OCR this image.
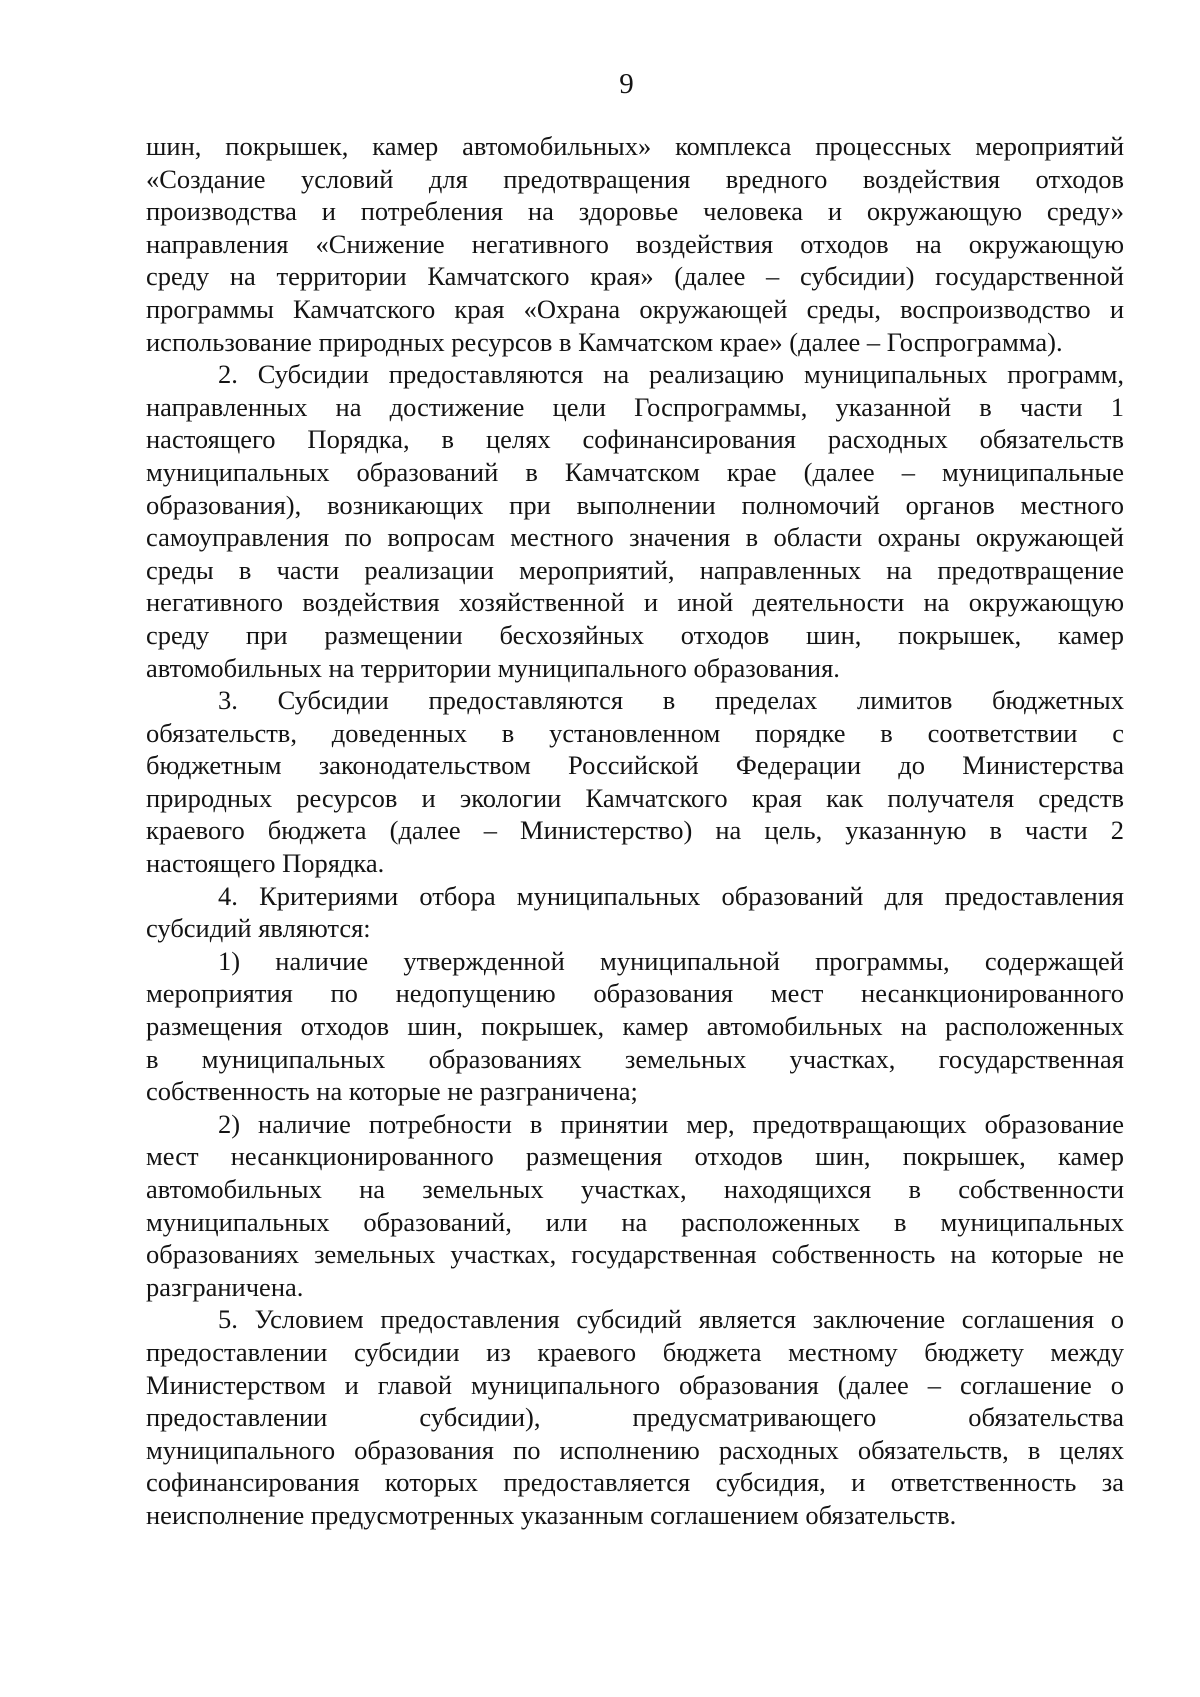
9
шин, покрышек, камер автомобильных» комплекса процессных мероприятий
«Создание условий для предотвращения вредного воздействия отходов
производства и потребления на здоровье человека и окружающую среду»
направления «Снижение негативного воздействия отходов на окружающую
среду на территории Камчатского края» (далее – субсидии) государственной
программы Камчатского края «Охрана окружающей среды, воспроизводство и
использование природных ресурсов в Камчатском крае» (далее – Госпрограмма).
2. Субсидии предоставляются на реализацию муниципальных программ,
направленных на достижение цели Госпрограммы, указанной в части 1
настоящего Порядка, в целях софинансирования расходных обязательств
муниципальных образований в Камчатском крае (далее – муниципальные
образования), возникающих при выполнении полномочий органов местного
самоуправления по вопросам местного значения в области охраны окружающей
среды в части реализации мероприятий, направленных на предотвращение
негативного воздействия хозяйственной и иной деятельности на окружающую
среду при размещении бесхозяйных отходов шин, покрышек, камер
автомобильных на территории муниципального образования.
3. Субсидии предоставляются в пределах лимитов бюджетных
обязательств, доведенных в установленном порядке в соответствии с
бюджетным законодательством Российской Федерации до Министерства
природных ресурсов и экологии Камчатского края как получателя средств
краевого бюджета (далее – Министерство) на цель, указанную в части 2
настоящего Порядка.
4. Критериями отбора муниципальных образований для предоставления
субсидий являются:
1) наличие утвержденной муниципальной программы, содержащей
мероприятия по недопущению образования мест несанкционированного
размещения отходов шин, покрышек, камер автомобильных на расположенных
в муниципальных образованиях земельных участках, государственная
собственность на которые не разграничена;
2) наличие потребности в принятии мер, предотвращающих образование
мест несанкционированного размещения отходов шин, покрышек, камер
автомобильных на земельных участках, находящихся в собственности
муниципальных образований, или на расположенных в муниципальных
образованиях земельных участках, государственная собственность на которые не
разграничена.
5. Условием предоставления субсидий является заключение соглашения о
предоставлении субсидии из краевого бюджета местному бюджету между
Министерством и главой муниципального образования (далее – соглашение о
предоставлении субсидии), предусматривающего обязательства
муниципального образования по исполнению расходных обязательств, в целях
софинансирования которых предоставляется субсидия, и ответственность за
неисполнение предусмотренных указанным соглашением обязательств.
